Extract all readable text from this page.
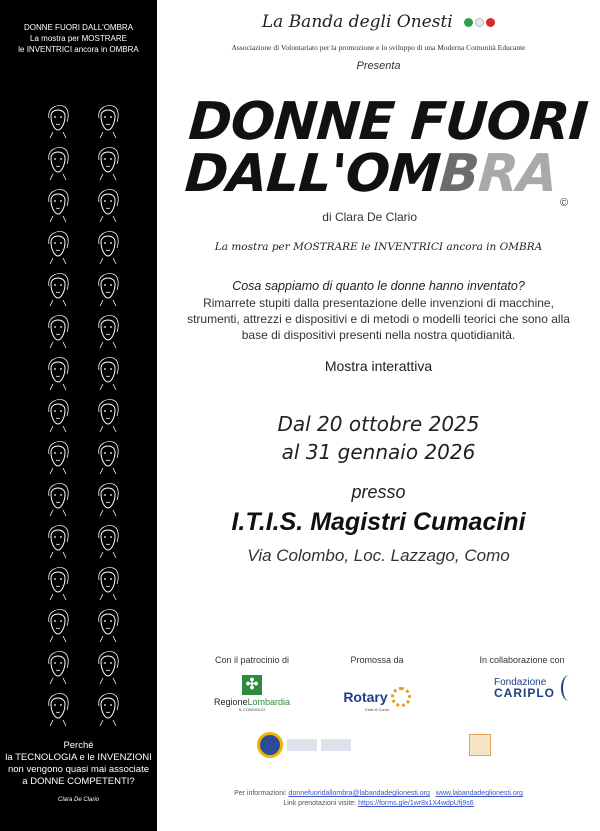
DONNE FUORI DALL'OMBRA
La mostra per MOSTRARE
le INVENTRICI ancora in OMBRA
Perché
la TECNOLOGIA e le INVENZIONI
non vengono quasi mai associate
a DONNE COMPETENTI?
Clara De Clario
La Banda degli Onesti
Associazione di Volontariato per la promozione e lo sviluppo di una Moderna Comunità Educante
Presenta
DONNE FUORI
DALL'OMBRA ©
di Clara De Clario
La mostra per MOSTRARE le INVENTRICI ancora in OMBRA
Cosa sappiamo di quanto le donne hanno inventato?
Rimarrete stupiti dalla presentazione delle invenzioni di macchine, strumenti, attrezzi e dispositivi e di metodi o modelli teorici che sono alla base di dispositivi presenti nella nostra quotidianità.
Mostra interattiva
Dal 20 ottobre 2025
al 31 gennaio 2026
presso
I.T.I.S. Magistri Cumacini
Via Colombo, Loc. Lazzago, Como
Con il patrocinio di
✣
RegioneLombardia
IL CONSIGLIO
Promossa da
Rotary
Club di Como
In collaborazione con
Fondazione
CARIPLO
Per informazioni: donnefuoridallombra@labandadeglionesti.org www.labandadeglionesti.org
Link prenotazioni visite: https://forms.gle/1wr8x1X4wdpUfj9s6
